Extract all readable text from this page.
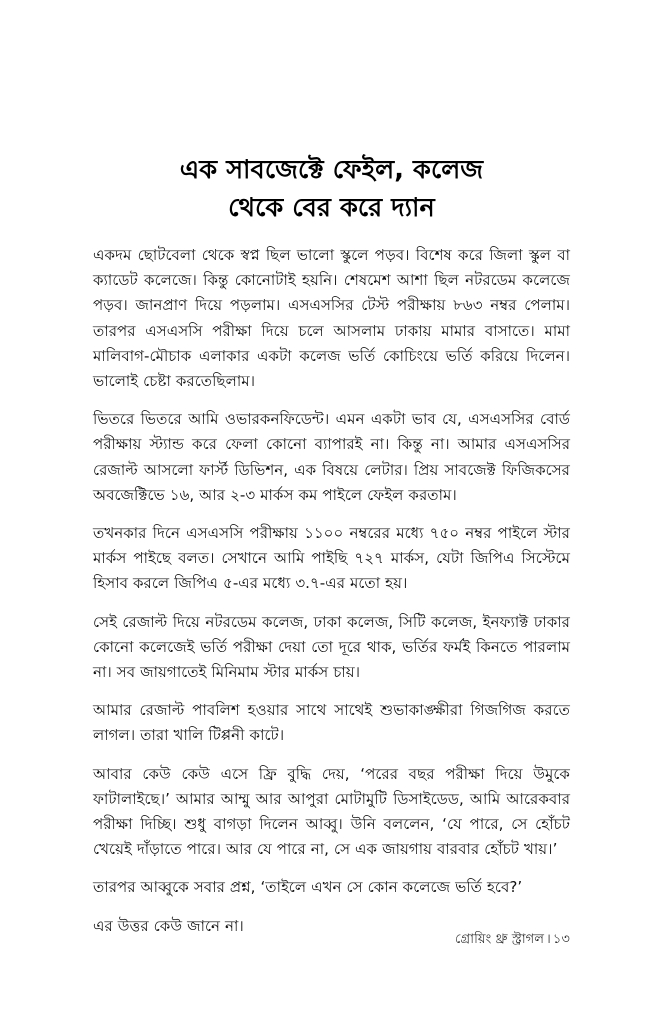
এক সাবজেক্টে ফেইল, কলেজ
থেকে বের করে দ্যান

একদম ছোটবেলা থেকে স্বপ্ন ছিল ভালো স্কুলে পড়ব। বিশেষ করে জিলা স্কুল বা ক্যাডেট কলেজে। কিন্তু কোনোটাই হয়নি। শেষমেশ আশা ছিল নটরডেম কলেজে পড়ব। জানপ্রাণ দিয়ে পড়লাম। এসএসসির টেস্ট পরীক্ষায় ৮৬৩ নম্বর পেলাম। তারপর এসএসসি পরীক্ষা দিয়ে চলে আসলাম ঢাকায় মামার বাসাতে। মামা মালিবাগ-মৌচাক এলাকার একটা কলেজ ভর্তি কোচিংয়ে ভর্তি করিয়ে দিলেন। ভালোই চেষ্টা করতেছিলাম।

ভিতরে ভিতরে আমি ওভারকনফিডেন্ট। এমন একটা ভাব যে, এসএসসির বোর্ড পরীক্ষায় স্ট্যান্ড করে ফেলা কোনো ব্যাপারই না। কিন্তু না। আমার এসএসসির রেজাল্ট আসলো ফার্স্ট ডিভিশন, এক বিষয়ে লেটার। প্রিয় সাবজেক্ট ফিজিকসের অবজেক্টিভে ১৬, আর ২-৩ মার্কস কম পাইলে ফেইল করতাম।

তখনকার দিনে এসএসসি পরীক্ষায় ১১০০ নম্বরের মধ্যে ৭৫০ নম্বর পাইলে স্টার মার্কস পাইছে বলত। সেখানে আমি পাইছি ৭২৭ মার্কস, যেটা জিপিএ সিস্টেমে হিসাব করলে জিপিএ ৫-এর মধ্যে ৩.৭-এর মতো হয়।

সেই রেজাল্ট দিয়ে নটরডেম কলেজ, ঢাকা কলেজ, সিটি কলেজ, ইনফ্যাক্ট ঢাকার কোনো কলেজেই ভর্তি পরীক্ষা দেয়া তো দূরে থাক, ভর্তির ফর্মই কিনতে পারলাম না। সব জায়গাতেই মিনিমাম স্টার মার্কস চায়।

আমার রেজাল্ট পাবলিশ হওয়ার সাথে সাথেই শুভাকাঙ্ক্ষীরা গিজগিজ করতে লাগল। তারা খালি টিপ্পনী কাটে।

আবার কেউ কেউ এসে ফ্রি বুদ্ধি দেয়, ‘পরের বছর পরীক্ষা দিয়ে উমুকে ফাটালাইছে।’ আমার আম্মু আর আপুরা মোটামুটি ডিসাইডেড, আমি আরেকবার পরীক্ষা দিচ্ছি। শুধু বাগড়া দিলেন আব্বু। উনি বললেন, ‘যে পারে, সে হোঁচট খেয়েই দাঁড়াতে পারে। আর যে পারে না, সে এক জায়গায় বারবার হোঁচট খায়।’

তারপর আব্বুকে সবার প্রশ্ন, ‘তাইলে এখন সে কোন কলেজে ভর্তি হবে?’

এর উত্তর কেউ জানে না।

গ্রোয়িং থ্রু স্ট্রাগল । ১৩
